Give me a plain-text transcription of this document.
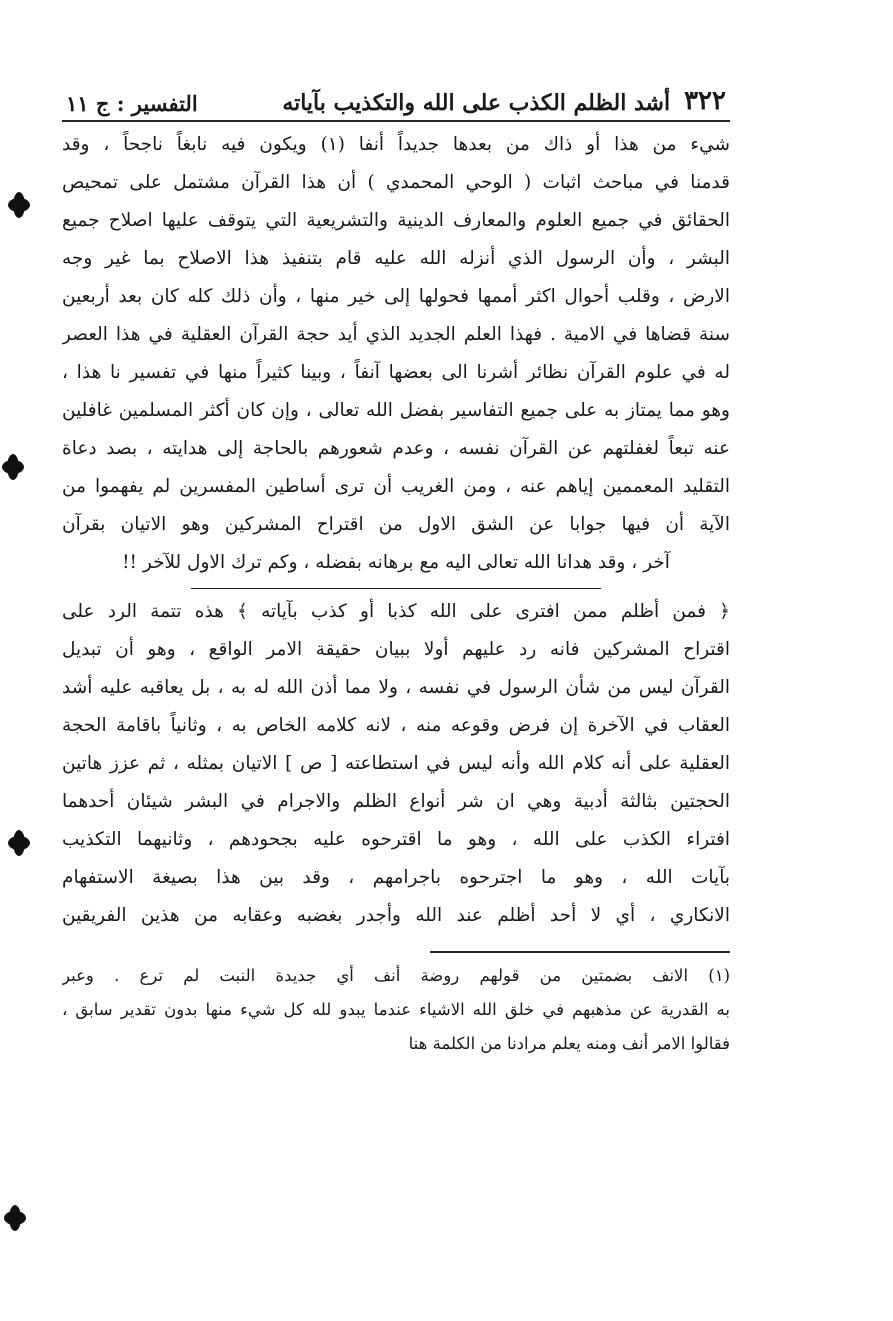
٣٢٢
أشد الظلم الكذب على الله والتكذيب بآياته
التفسير : ج ١١
شيء من هذا أو ذاك من بعدها جديداً أنفا (١) ويكون فيه نابغاً ناجحاً ، وقد
قدمنا في مباحث اثبات ( الوحي المحمدي ) أن هذا القرآن مشتمل على تمحيص
الحقائق في جميع العلوم والمعارف الدينية والتشريعية التي يتوقف عليها اصلاح جميع
البشر ، وأن الرسول الذي أنزله الله عليه قام بتنفيذ هذا الاصلاح بما غير وجه
الارض ، وقلب أحوال اكثر أممها فحولها إلى خير منها ، وأن ذلك كله كان بعد أربعين
سنة قضاها في الامية . فهذا العلم الجديد الذي أيد حجة القرآن العقلية في هذا العصر
له في علوم القرآن نظائر أشرنا الى بعضها آنفاً ، وبينا كثيراً منها في تفسير نا هذا ،
وهو مما يمتاز به على جميع التفاسير بفضل الله تعالى ، وإن كان أكثر المسلمين غافلين
عنه تبعاً لغفلتهم عن القرآن نفسه ، وعدم شعورهم بالحاجة إلى هدايته ، بصد دعاة
التقليد المعممين إياهم عنه ، ومن الغريب أن ترى أساطين المفسرين لم يفهموا من
الآية أن فيها جوابا عن الشق الاول من اقتراح المشركين وهو الاتيان بقرآن
آخر ، وقد هدانا الله تعالى اليه مع برهانه بفضله ، وكم ترك الاول للآخر !!
﴿ فمن أظلم ممن افترى على الله كذبا أو كذب بآياته ﴾ هذه تتمة الرد على
اقتراح المشركين فانه رد عليهم أولا ببيان حقيقة الامر الواقع ، وهو أن تبديل
القرآن ليس من شأن الرسول في نفسه ، ولا مما أذن الله له به ، بل يعاقبه عليه أشد
العقاب في الآخرة إن فرض وقوعه منه ، لانه كلامه الخاص به ، وثانياً باقامة الحجة
العقلية على أنه كلام الله وأنه ليس في استطاعته [ ص ] الاتيان بمثله ، ثم عزز هاتين
الحجتين بثالثة أدبية وهي ان شر أنواع الظلم والاجرام في البشر شيئان أحدهما
افتراء الكذب على الله ، وهو ما اقترحوه عليه بجحودهم ، وثانيهما التكذيب
بآيات الله ، وهو ما اجترحوه باجرامهم ، وقد بين هذا بصيغة الاستفهام
الانكاري ، أي لا أحد أظلم عند الله وأجدر بغضبه وعقابه من هذين الفريقين
(١) الانف بضمتين من قولهم روضة أنف أي جديدة النبت لم ترع . وعبر
به القدرية عن مذهبهم في خلق الله الاشياء عندما يبدو لله كل شيء منها بدون تقدير سابق ،
فقالوا الامر أنف ومنه يعلم مرادنا من الكلمة هنا
